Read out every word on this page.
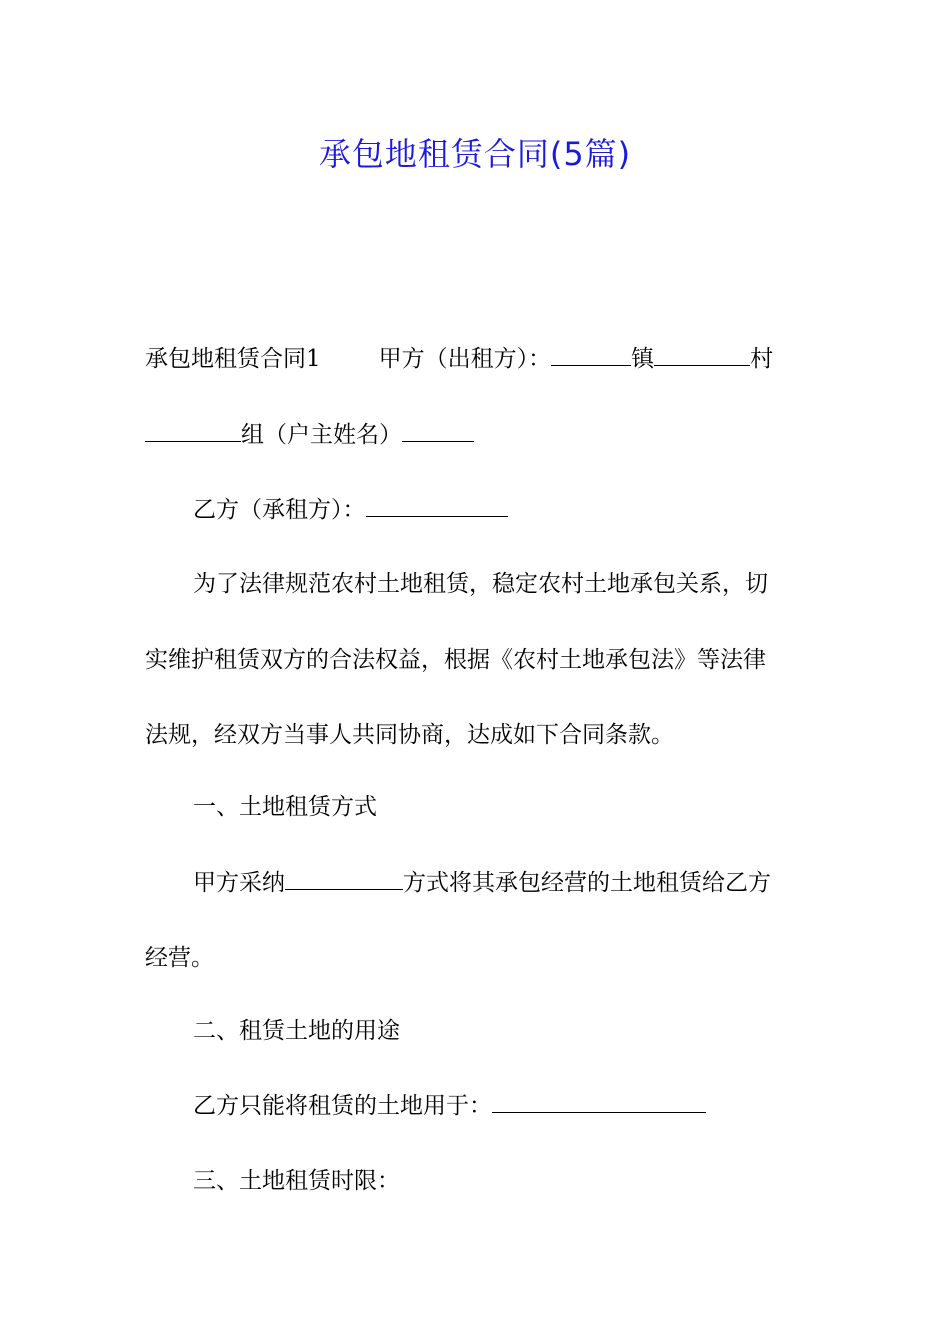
承包地租赁合同(5篇)
承包地租赁合同1	甲方（出租方）：	镇	村
组（户主姓名）
乙方（承租方）：
为了法律规范农村土地租赁，稳定农村土地承包关系，切
实维护租赁双方的合法权益，根据《农村土地承包法》等法律
法规，经双方当事人共同协商，达成如下合同条款。
一、土地租赁方式
甲方采纳	方式将其承包经营的土地租赁给乙方
经营。
二、租赁土地的用途
乙方只能将租赁的土地用于：
三、土地租赁时限：
